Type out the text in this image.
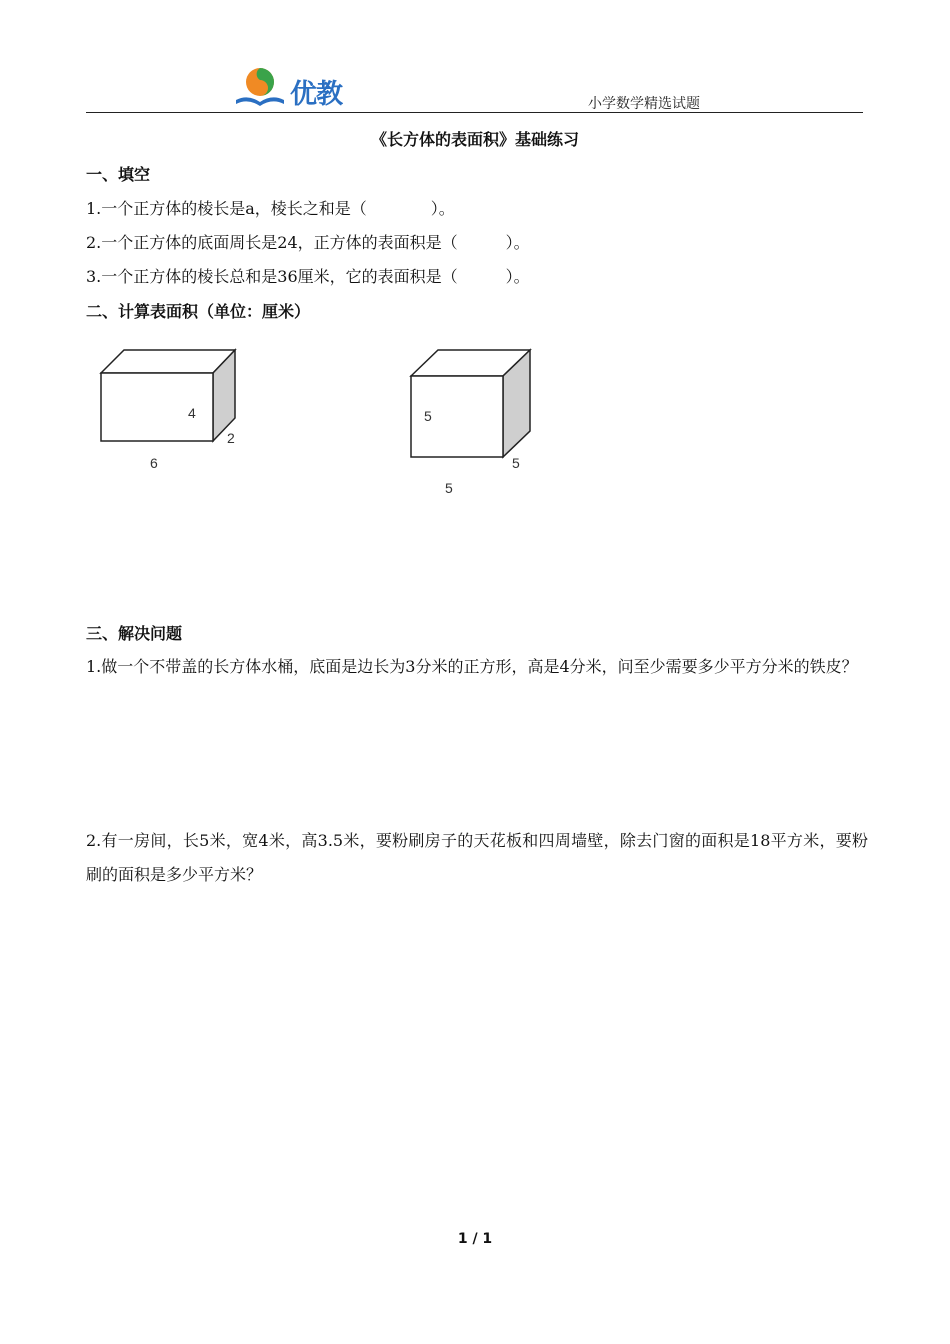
优教	小学数学精选试题
《长方体的表面积》基础练习
一、填空
1.一个正方体的棱长是a，棱长之和是（　　　　）。
2.一个正方体的底面周长是24，正方体的表面积是（　　　）。
3.一个正方体的棱长总和是36厘米，它的表面积是（　　　）。
二、计算表面积（单位：厘米）
4
2
6
5
5
5
三、解决问题
1.做一个不带盖的长方体水桶，底面是边长为3分米的正方形，高是4分米，问至少需要多少平方分米的铁皮？
2.有一房间，长5米，宽4米，高3.5米，要粉刷房子的天花板和四周墙壁，除去门窗的面积是18平方米，要粉刷的面积是多少平方米？
1 / 1
